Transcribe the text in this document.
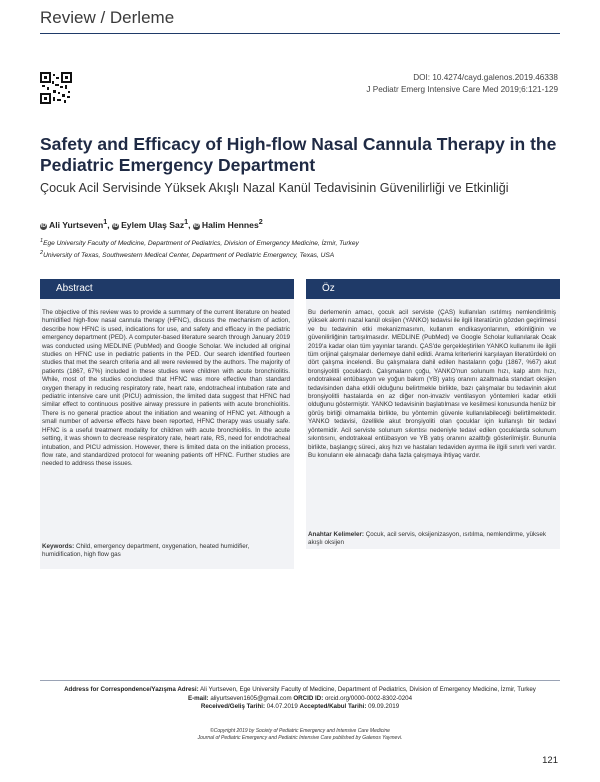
Review / Derleme
DOI: 10.4274/cayd.galenos.2019.46338
J Pediatr Emerg Intensive Care Med 2019;6:121-129
Safety and Efficacy of High-flow Nasal Cannula Therapy in the Pediatric Emergency Department
Çocuk Acil Servisinde Yüksek Akışlı Nazal Kanül Tedavisinin Güvenilirliği ve Etkinliği
iD Ali Yurtseven$^1$, iD Eylem Ulaş Saz$^1$, iD Halim Hennes$^2$
$^1$Ege University Faculty of Medicine, Department of Pediatrics, Division of Emergency Medicine, İzmir, Turkey
$^2$University of Texas, Southwestern Medical Center, Department of Pediatric Emergency, Texas, USA
Abstract
The objective of this review was to provide a summary of the current literature on heated humidified high-flow nasal cannula therapy (HFNC), discuss the mechanism of action, describe how HFNC is used, indications for use, and safety and efficacy in the pediatric emergency department (PED). A computer-based literature search through January 2019 was conducted using MEDLINE (PubMed) and Google Scholar. We included all original studies on HFNC use in pediatric patients in the PED. Our search identified fourteen studies that met the search criteria and all were reviewed by the authors. The majority of patients (1867, 67%) included in these studies were children with acute bronchiolitis. While, most of the studies concluded that HFNC was more effective than standard oxygen therapy in reducing respiratory rate, heart rate, endotracheal intubation rate and pediatric intensive care unit (PICU) admission, the limited data suggest that HFNC had similar effect to continuous positive airway pressure in patients with acute bronchiolitis. There is no general practice about the initiation and weaning of HFNC yet. Although a small number of adverse effects have been reported, HFNC therapy was usually safe. HFNC is a useful treatment modality for children with acute bronchiolitis. In the acute setting, it was shown to decrease respiratory rate, heart rate, RS, need for endotracheal intubation, and PICU admission. However, there is limited data on the initiation process, flow rate, and standardized protocol for weaning patients off HFNC. Further studies are needed to address these issues.
Keywords: Child, emergency department, oxygenation, heated humidifier, humidification, high flow gas
Öz
Bu derlemenin amacı, çocuk acil serviste (ÇAS) kullanılan ısıtılmış nemlendirilmiş yüksek akımlı nazal kanül oksijen (YANKO) tedavisi ile ilgili literatürün gözden geçirilmesi ve bu tedavinin etki mekanizmasının, kullanım endikasyonlarının, etkinliğinin ve güvenilirliğinin tartışılmasıdır. MEDLINE (PubMed) ve Google Scholar kullanılarak Ocak 2019'a kadar olan tüm yayınlar tarandı. ÇAS'de gerçekleştirilen YANKO kullanımı ile ilgili tüm orijinal çalışmalar derlemeye dahil edildi. Arama kriterlerini karşılayan literatürdeki on dört çalışma incelendi. Bu çalışmalara dahil edilen hastaların çoğu (1867, %67) akut bronşiyolitli çocuklardı. Çalışmaların çoğu, YANKO'nun solunum hızı, kalp atım hızı, endotrakeal entübasyon ve yoğun bakım (YB) yatış oranını azaltmada standart oksijen tedavisinden daha etkili olduğunu belirtmekle birlikte, bazı çalışmalar bu tedavinin akut bronşiyolitli hastalarda en az diğer non-invaziv ventilasyon yöntemleri kadar etkili olduğunu göstermiştir. YANKO tedavisinin başlatılması ve kesilmesi konusunda henüz bir görüş birliği olmamakla birlikte, bu yöntemin güvenle kullanılabileceği belirtilmektedir. YANKO tedavisi, özellikle akut bronşiyoliti olan çocuklar için kullanışlı bir tedavi yöntemidir. Acil serviste solunum sıkıntısı nedeniyle tedavi edilen çocuklarda solunum sıkıntısını, endotrakeal entübasyon ve YB yatış oranını azalttığı gösterilmiştir. Bununla birlikte, başlangıç süreci, akış hızı ve hastaları tedaviden ayırma ile ilgili sınırlı veri vardır. Bu konuların ele alınacağı daha fazla çalışmaya ihtiyaç vardır.
Anahtar Kelimeler: Çocuk, acil servis, oksijenizasyon, ısıtılma, nemlendirme, yüksek akışlı oksijen
Address for Correspondence/Yazışma Adresi: Ali Yurtseven, Ege University Faculty of Medicine, Department of Pediatrics, Division of Emergency Medicine, İzmir, Turkey
E-mail: aliyurtseven1605@gmail.com ORCID ID: orcid.org/0000-0002-8302-0204
Received/Geliş Tarihi: 04.07.2019 Accepted/Kabul Tarihi: 09.09.2019
©Copyright 2019 by Society of Pediatric Emergency and Intensive Care Medicine
Journal of Pediatric Emergency and Pediatric Intensive Care published by Galenos Yayınevi.
121
